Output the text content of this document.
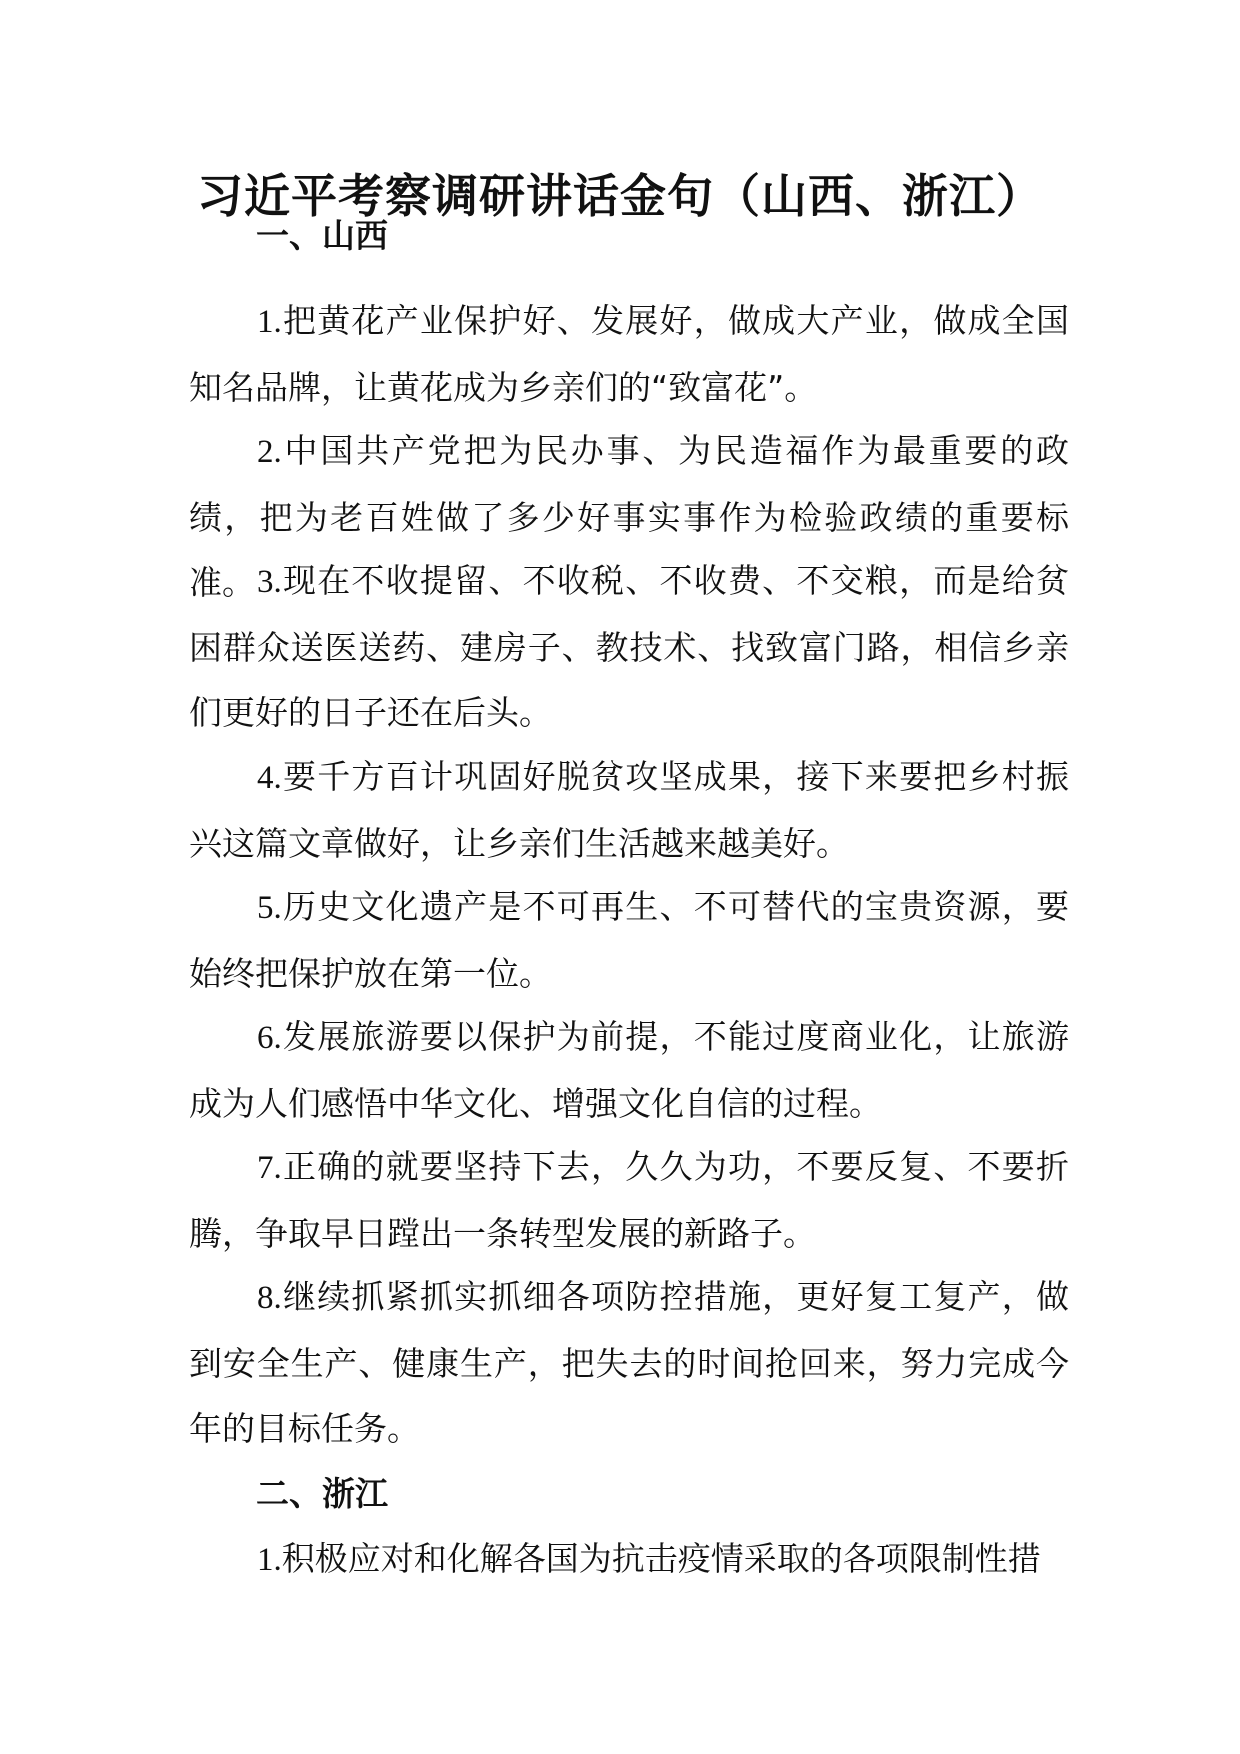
习近平考察调研讲话金句（山西、浙江）
一、山西

1.把黄花产业保护好、发展好，做成大产业，做成全国知名品牌，让黄花成为乡亲们的“致富花”。

2.中国共产党把为民办事、为民造福作为最重要的政绩，把为老百姓做了多少好事实事作为检验政绩的重要标准。 3.现在不收提留、不收税、不收费、不交粮，而是给贫困群众送医送药、建房子、教技术、找致富门路，相信乡亲们更好的日子还在后头。

4.要千方百计巩固好脱贫攻坚成果，接下来要把乡村振兴这篇文章做好，让乡亲们生活越来越美好。

5.历史文化遗产是不可再生、不可替代的宝贵资源，要始终把保护放在第一位。

6.发展旅游要以保护为前提，不能过度商业化，让旅游成为人们感悟中华文化、增强文化自信的过程。

7.正确的就要坚持下去，久久为功，不要反复、不要折腾，争取早日蹚出一条转型发展的新路子。

8.继续抓紧抓实抓细各项防控措施，更好复工复产，做到安全生产、健康生产，把失去的时间抢回来，努力完成今年的目标任务。

二、浙江

1.积极应对和化解各国为抗击疫情采取的各项限制性措
